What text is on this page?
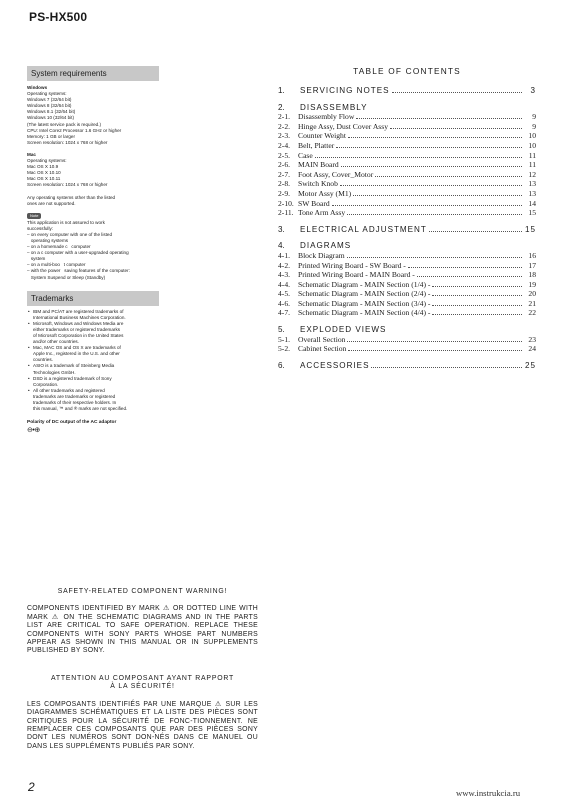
PS-HX500
System requirements
Windows
Operating systems:
Windows 7 (32/64 bit)
Windows 8 (32/64 bit)
Windows 8.1 (32/64 bit)
Windows 10 (32/64 bit)
(The latest service pack is required.)
CPU: Intel Core2 Processor 1.6 GHz or higher
Memory: 1 GB or larger
Screen resolution: 1024 x 768 or higher
Mac
Operating systems:
Mac OS X 10.9
Mac OS X 10.10
Mac OS X 10.11
Screen resolution: 1024 x 768 or higher
Any operating systems other than the listed
ones are not supported.
Note
This application is not assured to work
successfully:
– on every computer with one of the listed
operating systems
– on a homemade c   computer
– on a c computer with a user-upgraded operating
system
– on a multi-boo   t computer
– with the power   saving features of the computer:
System Suspend or Sleep (Standby)
Trademarks
• IBM and PC/AT are registered trademarks of
International Business Machines Corporation.
• Microsoft, Windows and Windows Media are
either trademarks or registered trademarks
of Microsoft Corporation in the United States
and/or other countries.
• Mac, MAC OS and OS X are trademarks of
Apple Inc., registered in the U.S. and other
countries.
• ASIO is a trademark of Steinberg Media
Technologies GmbH.
• DSD is a registered trademark of Sony
Corporation.
• All other trademarks and registered
trademarks are trademarks or registered
trademarks of their respective holders. In
this manual, ™ and ® marks are not specified.
Polarity of DC output of the AC adaptor
⊖•⊕
TABLE OF CONTENTS
1.	SERVICING NOTES	3
2.	DISASSEMBLY
2-1.	Disassembly Flow	9
2-2.	Hinge Assy, Dust Cover Assy	9
2-3.	Counter Weight	10
2-4.	Belt, Platter	10
2-5.	Case	11
2-6.	MAIN Board	11
2-7.	Foot Assy, Cover_Motor	12
2-8.	Switch Knob	13
2-9.	Motor Assy (M1)	13
2-10. SW Board	14
2-11. Tone Arm Assy	15
3.	ELECTRICAL ADJUSTMENT	15
4.	DIAGRAMS
4-1.	Block Diagram	16
4-2.	Printed Wiring Board - SW Board -	17
4-3.	Printed Wiring Board - MAIN Board -	18
4-4.	Schematic Diagram - MAIN Section (1/4) -	19
4-5.	Schematic Diagram - MAIN Section (2/4) -	20
4-6.	Schematic Diagram - MAIN Section (3/4) -	21
4-7.	Schematic Diagram - MAIN Section (4/4) -	22
5.	EXPLODED VIEWS
5-1.	Overall Section	23
5-2.	Cabinet Section	24
6.	ACCESSORIES	25
SAFETY-RELATED COMPONENT WARNING!
COMPONENTS IDENTIFIED BY MARK ⚠ OR DOTTED LINE WITH MARK ⚠ ON THE SCHEMATIC DIAGRAMS AND IN THE PARTS LIST ARE CRITICAL TO SAFE OPERATION. REPLACE THESE COMPONENTS WITH SONY PARTS WHOSE PART NUMBERS APPEAR AS SHOWN IN THIS MANUAL OR IN SUPPLEMENTS PUBLISHED BY SONY.
ATTENTION AU COMPOSANT AYANT RAPPORT
À LA SÉCURITÉ!
LES COMPOSANTS IDENTIFIÉS PAR UNE MARQUE ⚠ SUR LES DIAGRAMMES SCHÉMATIQUES ET LA LISTE DES PIÈCES SONT CRITIQUES POUR LA SÉCURITÉ DE FONC-TIONNEMENT. NE REMPLACER CES COMPOSANTS QUE PAR DES PIÈCES SONY DONT LES NUMÉROS SONT DON-NÉS DANS CE MANUEL OU DANS LES SUPPLÉMENTS PUBLIÉS PAR SONY.
2	www.instrukcia.ru
